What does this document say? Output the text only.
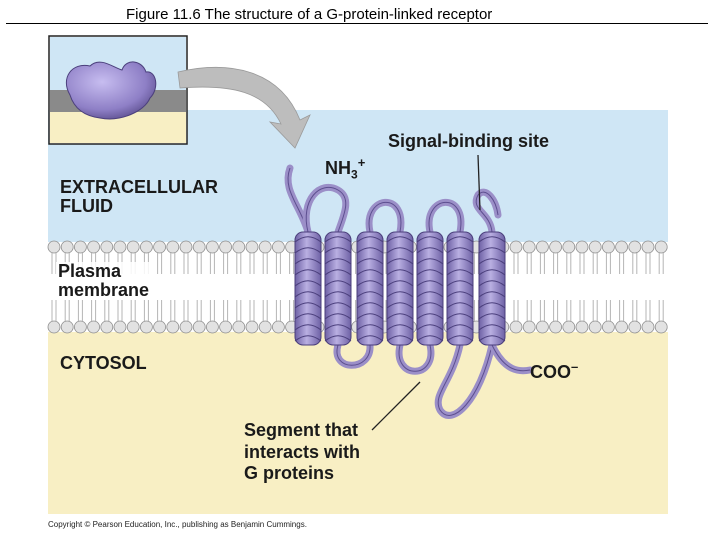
Figure 11.6 The structure of a G-protein-linked receptor
EXTRACELLULAR
FLUID
Plasma
membrane
CYTOSOL
$NH_3^+$
Signal-binding site
COO–
Segment that
interacts with
G proteins
Copyright © Pearson Education, Inc., publishing as Benjamin Cummings.
